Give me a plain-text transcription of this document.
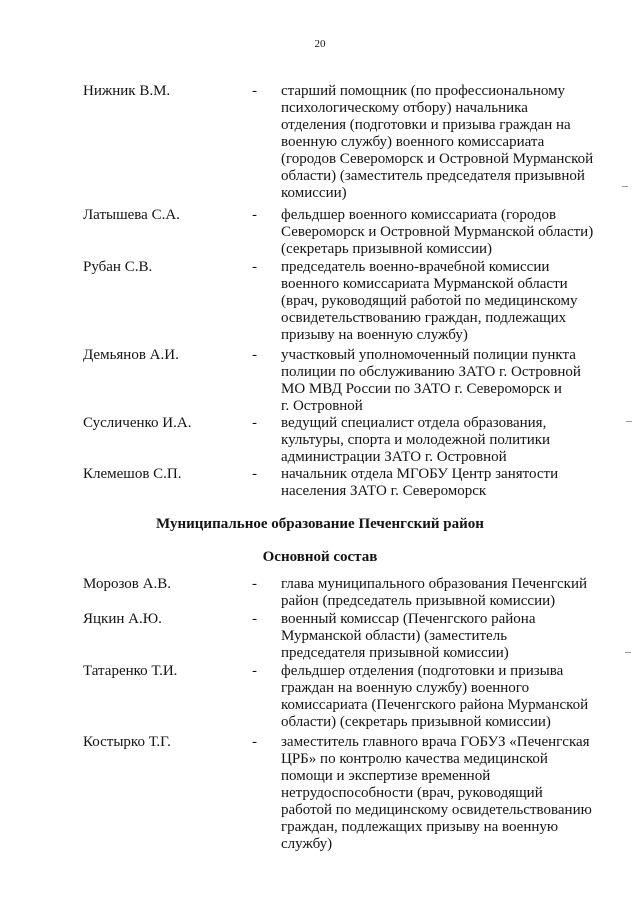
20
Нижник В.М.	- старший помощник (по профессиональному
психологическому отбору) начальника
отделения (подготовки и призыва граждан на
военную службу) военного комиссариата
(городов Североморск и Островной Мурманской
области) (заместитель председателя призывной
комиссии)
Латышева С.А.	- фельдшер военного комиссариата (городов
Североморск и Островной Мурманской области)
(секретарь призывной комиссии)
Рубан С.В.	- председатель военно-врачебной комиссии
военного комиссариата Мурманской области
(врач, руководящий работой по медицинскому
освидетельствованию граждан, подлежащих
призыву на военную службу)
Демьянов А.И.	- участковый уполномоченный полиции пункта
полиции по обслуживанию ЗАТО г. Островной
МО МВД России по ЗАТО г. Североморск и
г. Островной
Сусличенко И.А.	- ведущий специалист отдела образования,
культуры, спорта и молодежной политики
администрации ЗАТО г. Островной
Клемешов С.П.	- начальник отдела МГОБУ Центр занятости
населения ЗАТО г. Североморск
Муниципальное образование Печенгский район
Основной состав
Морозов А.В.	- глава муниципального образования Печенгский
район (председатель призывной комиссии)
Яцкин А.Ю.	- военный комиссар (Печенгского района
Мурманской области) (заместитель
председателя призывной комиссии)
Татаренко Т.И.	- фельдшер отделения (подготовки и призыва
граждан на военную службу) военного
комиссариата (Печенгского района Мурманской
области) (секретарь призывной комиссии)
Костырко Т.Г.	- заместитель главного врача ГОБУЗ «Печенгская
ЦРБ» по контролю качества медицинской
помощи и экспертизе временной
нетрудоспособности (врач, руководящий
работой по медицинскому освидетельствованию
граждан, подлежащих призыву на военную
службу)
